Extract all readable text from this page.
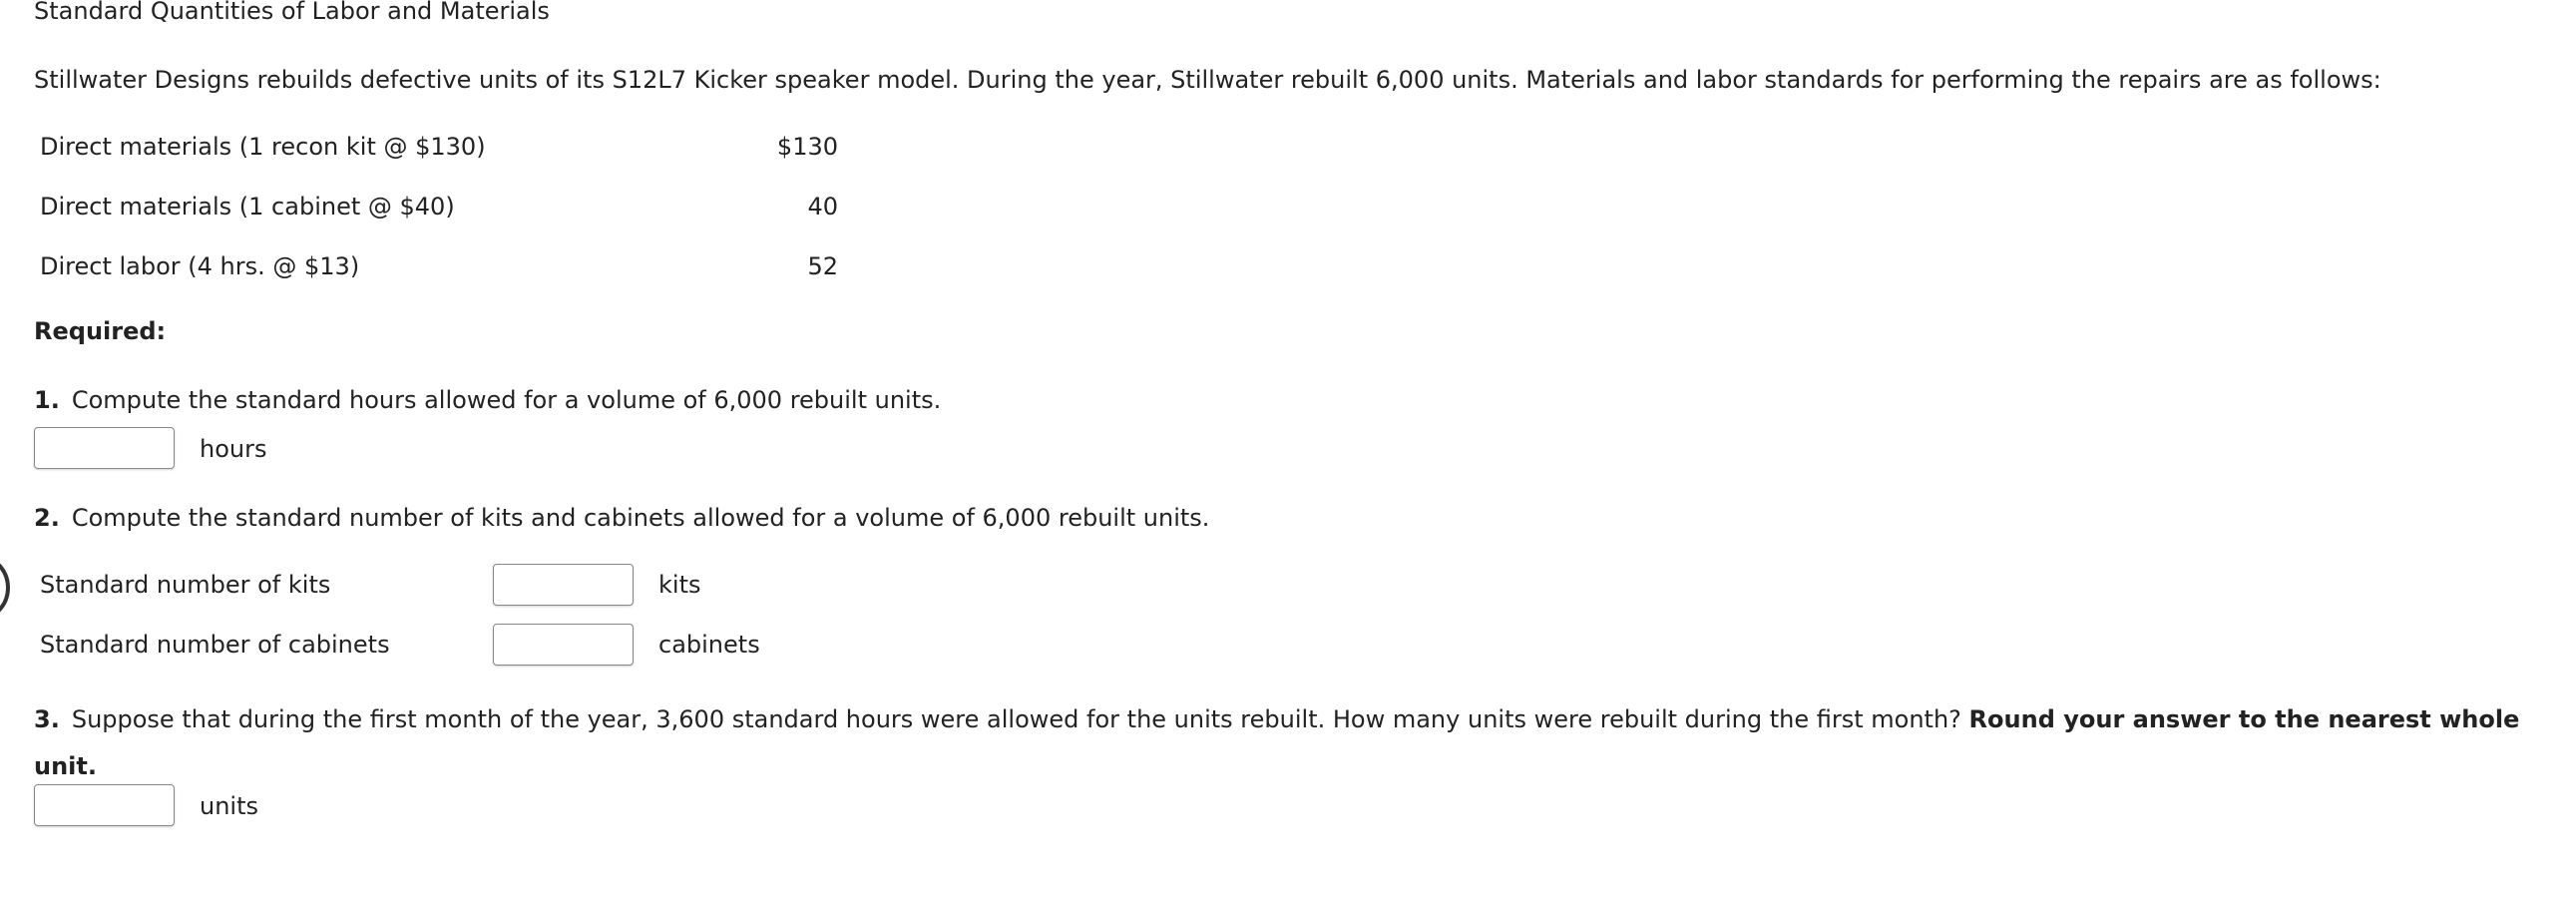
Standard Quantities of Labor and Materials
Stillwater Designs rebuilds defective units of its S12L7 Kicker speaker model. During the year, Stillwater rebuilt 6,000 units. Materials and labor standards for performing the repairs are as follows:
Direct materials (1 recon kit @ $130)	$130
Direct materials (1 cabinet @ $40)	40
Direct labor (4 hrs. @ $13)	52
Required:
1. Compute the standard hours allowed for a volume of 6,000 rebuilt units.
hours
2. Compute the standard number of kits and cabinets allowed for a volume of 6,000 rebuilt units.
Standard number of kits	kits
Standard number of cabinets	cabinets
3. Suppose that during the first month of the year, 3,600 standard hours were allowed for the units rebuilt. How many units were rebuilt during the first month? Round your answer to the nearest whole unit.
units
